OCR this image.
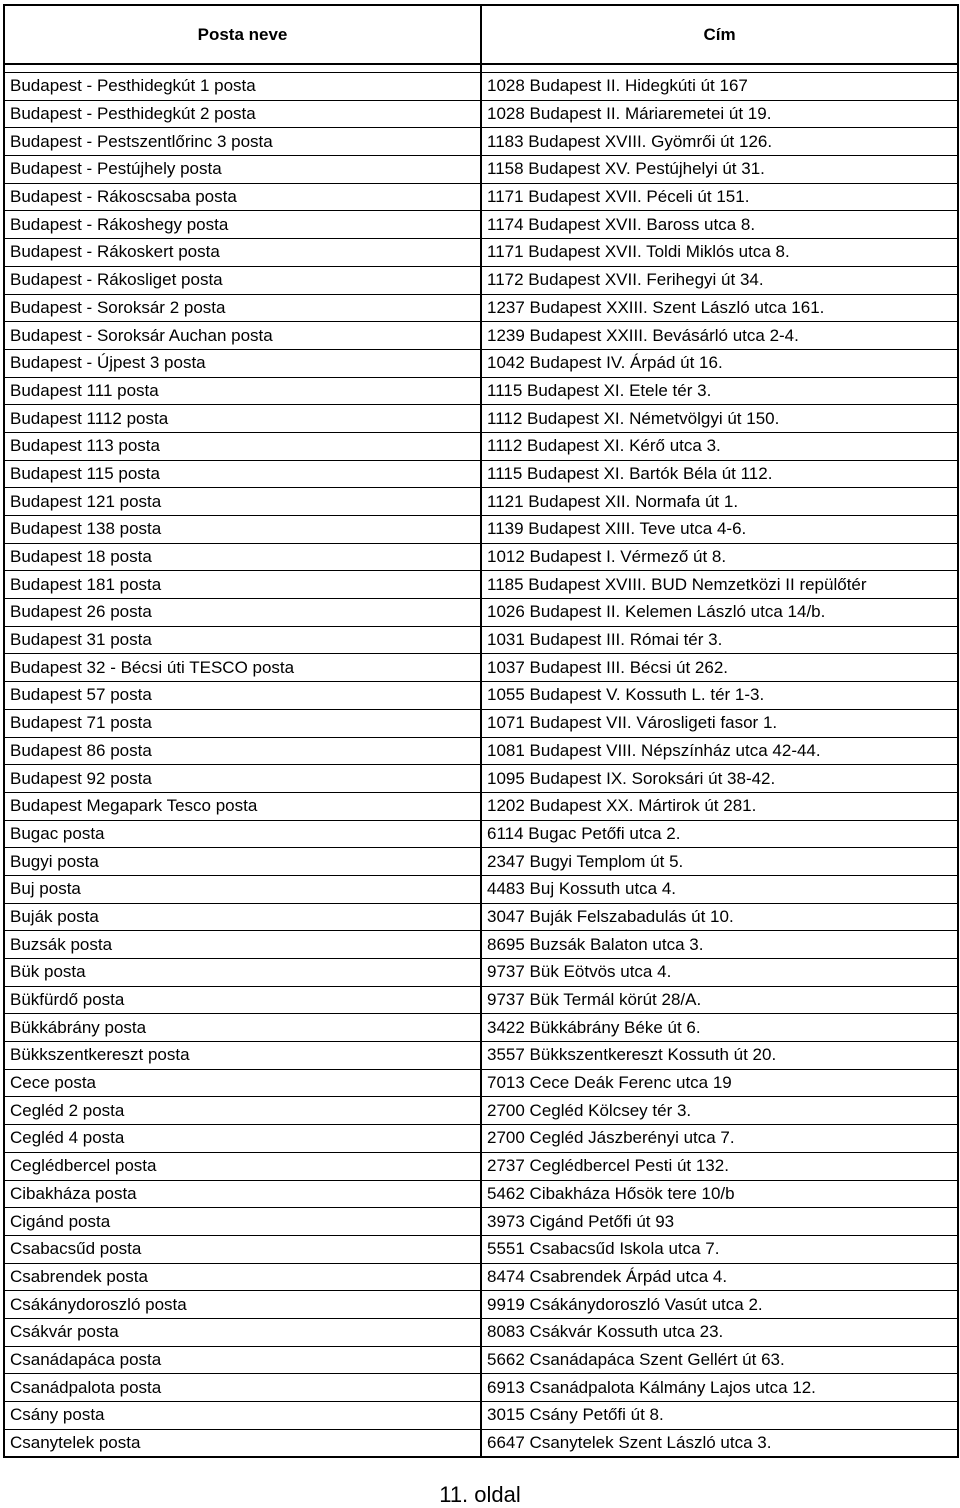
Posta neve	Cím

Budapest - Pesthidegkút 1 posta	1028 Budapest II. Hidegkúti út 167
Budapest - Pesthidegkút 2 posta	1028 Budapest II. Máriaremetei út 19.
Budapest - Pestszentlőrinc 3 posta	1183 Budapest XVIII. Gyömrői út 126.
Budapest - Pestújhely posta	1158 Budapest XV. Pestújhelyi út 31.
Budapest - Rákoscsaba posta	1171 Budapest XVII. Péceli út 151.
Budapest - Rákoshegy posta	1174 Budapest XVII. Baross utca 8.
Budapest - Rákoskert posta	1171 Budapest XVII. Toldi Miklós utca 8.
Budapest - Rákosliget posta	1172 Budapest XVII. Ferihegyi út 34.
Budapest - Soroksár 2 posta	1237 Budapest XXIII. Szent László utca 161.
Budapest - Soroksár Auchan posta	1239 Budapest XXIII. Bevásárló utca 2-4.
Budapest - Újpest 3 posta	1042 Budapest IV. Árpád út 16.
Budapest 111 posta	1115 Budapest XI. Etele tér 3.
Budapest 1112 posta	1112 Budapest XI. Németvölgyi út 150.
Budapest 113 posta	1112 Budapest XI. Kérő utca 3.
Budapest 115 posta	1115 Budapest XI. Bartók Béla út 112.
Budapest 121 posta	1121 Budapest XII. Normafa út 1.
Budapest 138 posta	1139 Budapest XIII. Teve utca 4-6.
Budapest 18 posta	1012 Budapest I. Vérmező út 8.
Budapest 181 posta	1185 Budapest XVIII. BUD Nemzetközi II repülőtér
Budapest 26 posta	1026 Budapest II. Kelemen László utca 14/b.
Budapest 31 posta	1031 Budapest III. Római tér 3.
Budapest 32 - Bécsi úti TESCO posta	1037 Budapest III. Bécsi út 262.
Budapest 57 posta	1055 Budapest V. Kossuth L. tér 1-3.
Budapest 71 posta	1071 Budapest VII. Városligeti fasor 1.
Budapest 86 posta	1081 Budapest VIII. Népszínház utca 42-44.
Budapest 92 posta	1095 Budapest IX. Soroksári út 38-42.
Budapest Megapark Tesco posta	1202 Budapest XX. Mártirok út 281.
Bugac posta	6114 Bugac Petőfi utca 2.
Bugyi posta	2347 Bugyi Templom út 5.
Buj posta	4483 Buj Kossuth utca 4.
Buják posta	3047 Buják Felszabadulás út 10.
Buzsák posta	8695 Buzsák Balaton utca 3.
Bük posta	9737 Bük Eötvös utca 4.
Bükfürdő posta	9737 Bük Termál körút 28/A.
Bükkábrány posta	3422 Bükkábrány Béke út 6.
Bükkszentkereszt posta	3557 Bükkszentkereszt Kossuth út 20.
Cece posta	7013 Cece Deák Ferenc utca 19
Cegléd 2 posta	2700 Cegléd Kölcsey tér 3.
Cegléd 4 posta	2700 Cegléd Jászberényi utca 7.
Ceglédbercel posta	2737 Ceglédbercel Pesti út 132.
Cibakháza posta	5462 Cibakháza Hősök tere 10/b
Cigánd posta	3973 Cigánd Petőfi út 93
Csabacsűd posta	5551 Csabacsűd Iskola utca 7.
Csabrendek posta	8474 Csabrendek Árpád utca 4.
Csákánydoroszló posta	9919 Csákánydoroszló Vasút utca 2.
Csákvár posta	8083 Csákvár Kossuth utca 23.
Csanádapáca posta	5662 Csanádapáca Szent Gellért út 63.
Csanádpalota posta	6913 Csanádpalota Kálmány Lajos utca 12.
Csány posta	3015 Csány Petőfi út 8.
Csanytelek posta	6647 Csanytelek Szent László utca 3.
11. oldal
